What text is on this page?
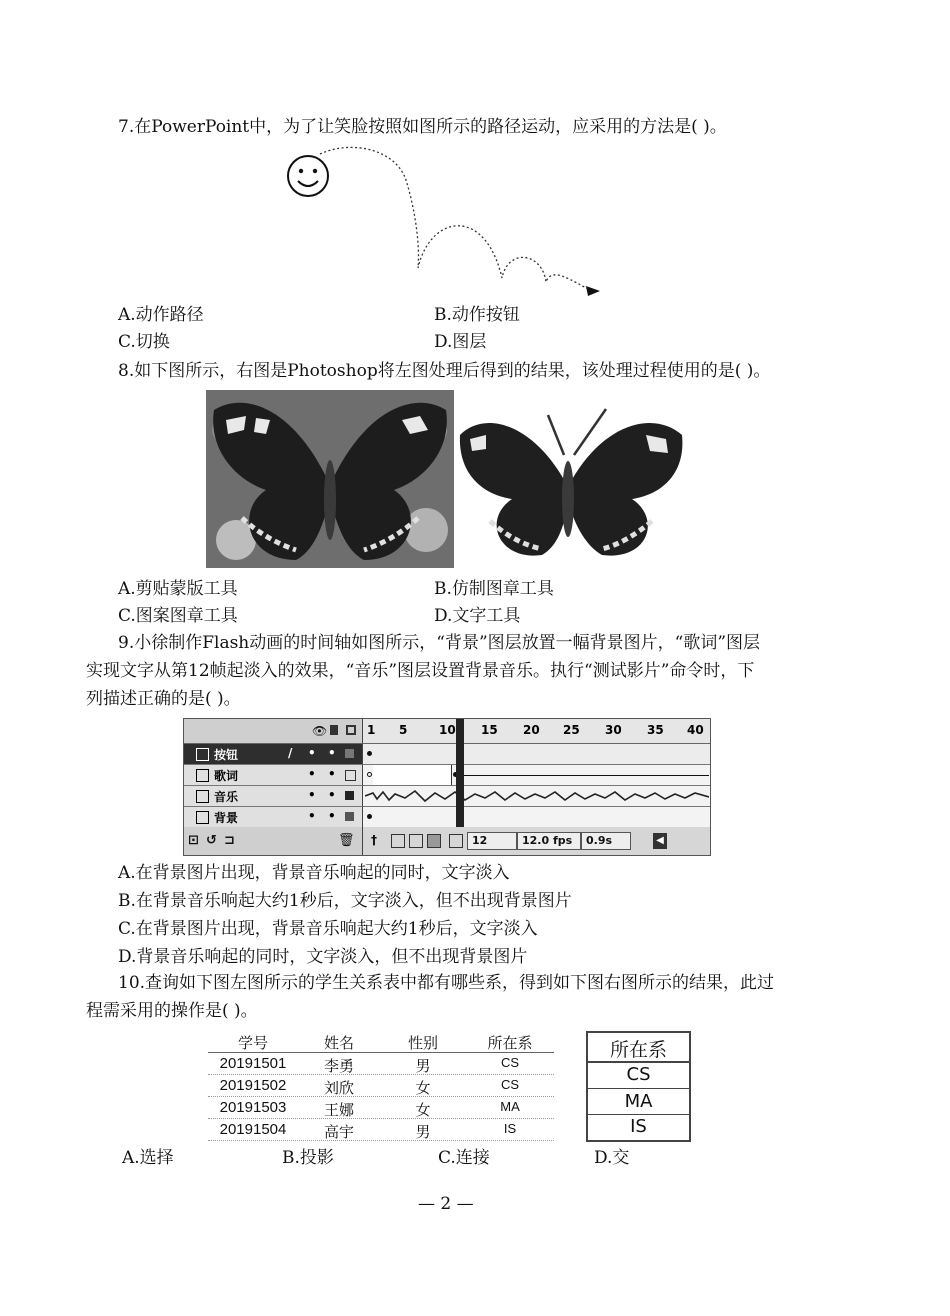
7.在PowerPoint中，为了让笑脸按照如图所示的路径运动，应采用的方法是( )。
A.动作路径	B.动作按钮
C.切换	D.图层
8.如下图所示，右图是Photoshop将左图处理后得到的结果，该处理过程使用的是( )。
A.剪贴蒙版工具	B.仿制图章工具
C.图案图章工具	D.文字工具
9.小徐制作Flash动画的时间轴如图所示，“背景”图层放置一幅背景图片，“歌词”图层
实现文字从第12帧起淡入的效果，“音乐”图层设置背景音乐。执行“测试影片”命令时，下
列描述正确的是( )。
👁	1 5	10 15 20 25 30 35 40
按钮	/ • •
歌词	• •
音乐	• •
背景	• •
⊡ ↺ ⊐	🗑 †	12	12.0 fps	0.9s	◀
A.在背景图片出现，背景音乐响起的同时，文字淡入
B.在背景音乐响起大约1秒后，文字淡入，但不出现背景图片
C.在背景图片出现，背景音乐响起大约1秒后，文字淡入
D.背景音乐响起的同时，文字淡入，但不出现背景图片
10.查询如下图左图所示的学生关系表中都有哪些系，得到如下图右图所示的结果，此过
程需采用的操作是( )。
学号	姓名	性别	所在系
20191501	李勇	男	CS
20191502	刘欣	女	CS
20191503	王娜	女	MA
20191504	高宇	男	IS
所在系
CS
MA
IS
A.选择	B.投影	C.连接	D.交
— 2 —
